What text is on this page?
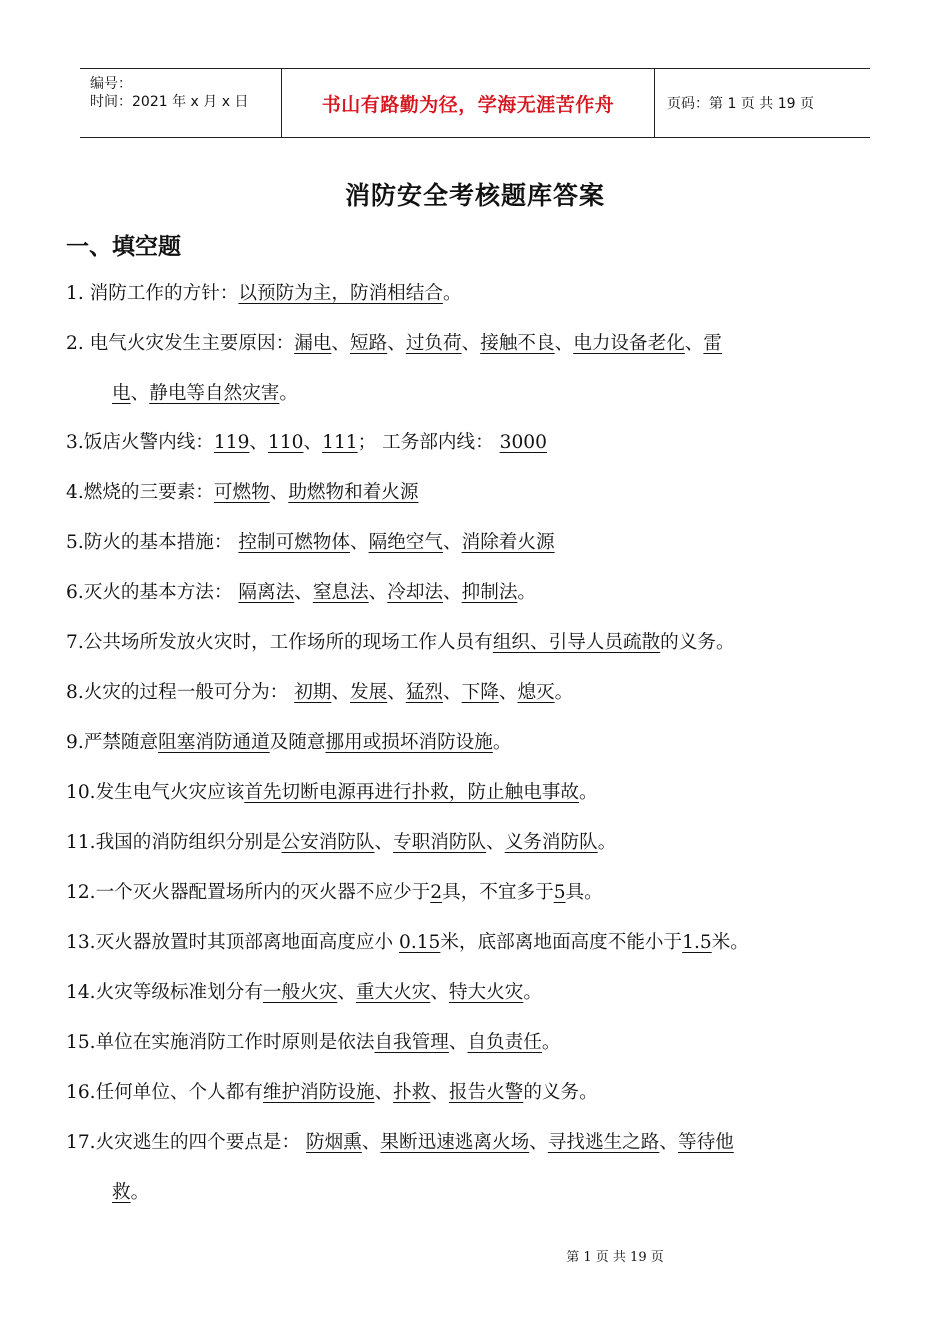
编号：
时间：2021 年 x 月 x 日	书山有路勤为径，学海无涯苦作舟	页码：第 1 页 共 19 页
消防安全考核题库答案
一、填空题
1. 消防工作的方针：以预防为主，防消相结合。
2. 电气火灾发生主要原因：漏电、短路、过负荷、接触不良、电力设备老化、雷
电、静电等自然灾害。
3.饭店火警内线：119、110、111； 工务部内线： 3000
4.燃烧的三要素：可燃物、助燃物和着火源
5.防火的基本措施： 控制可燃物体、隔绝空气、消除着火源
6.灭火的基本方法： 隔离法、窒息法、冷却法、抑制法。
7.公共场所发放火灾时，工作场所的现场工作人员有组织、引导人员疏散的义务。
8.火灾的过程一般可分为： 初期、发展、猛烈、下降、熄灭。
9.严禁随意阻塞消防通道及随意挪用或损坏消防设施。
10.发生电气火灾应该首先切断电源再进行扑救，防止触电事故。
11.我国的消防组织分别是公安消防队、专职消防队、义务消防队。
12.一个灭火器配置场所内的灭火器不应少于2具，不宜多于5具。
13.灭火器放置时其顶部离地面高度应小 0.15米，底部离地面高度不能小于1.5米。
14.火灾等级标准划分有一般火灾、重大火灾、特大火灾。
15.单位在实施消防工作时原则是依法自我管理、自负责任。
16.任何单位、个人都有维护消防设施、扑救、报告火警的义务。
17.火灾逃生的四个要点是： 防烟熏、果断迅速逃离火场、寻找逃生之路、等待他
救。
第 1 页 共 19 页
